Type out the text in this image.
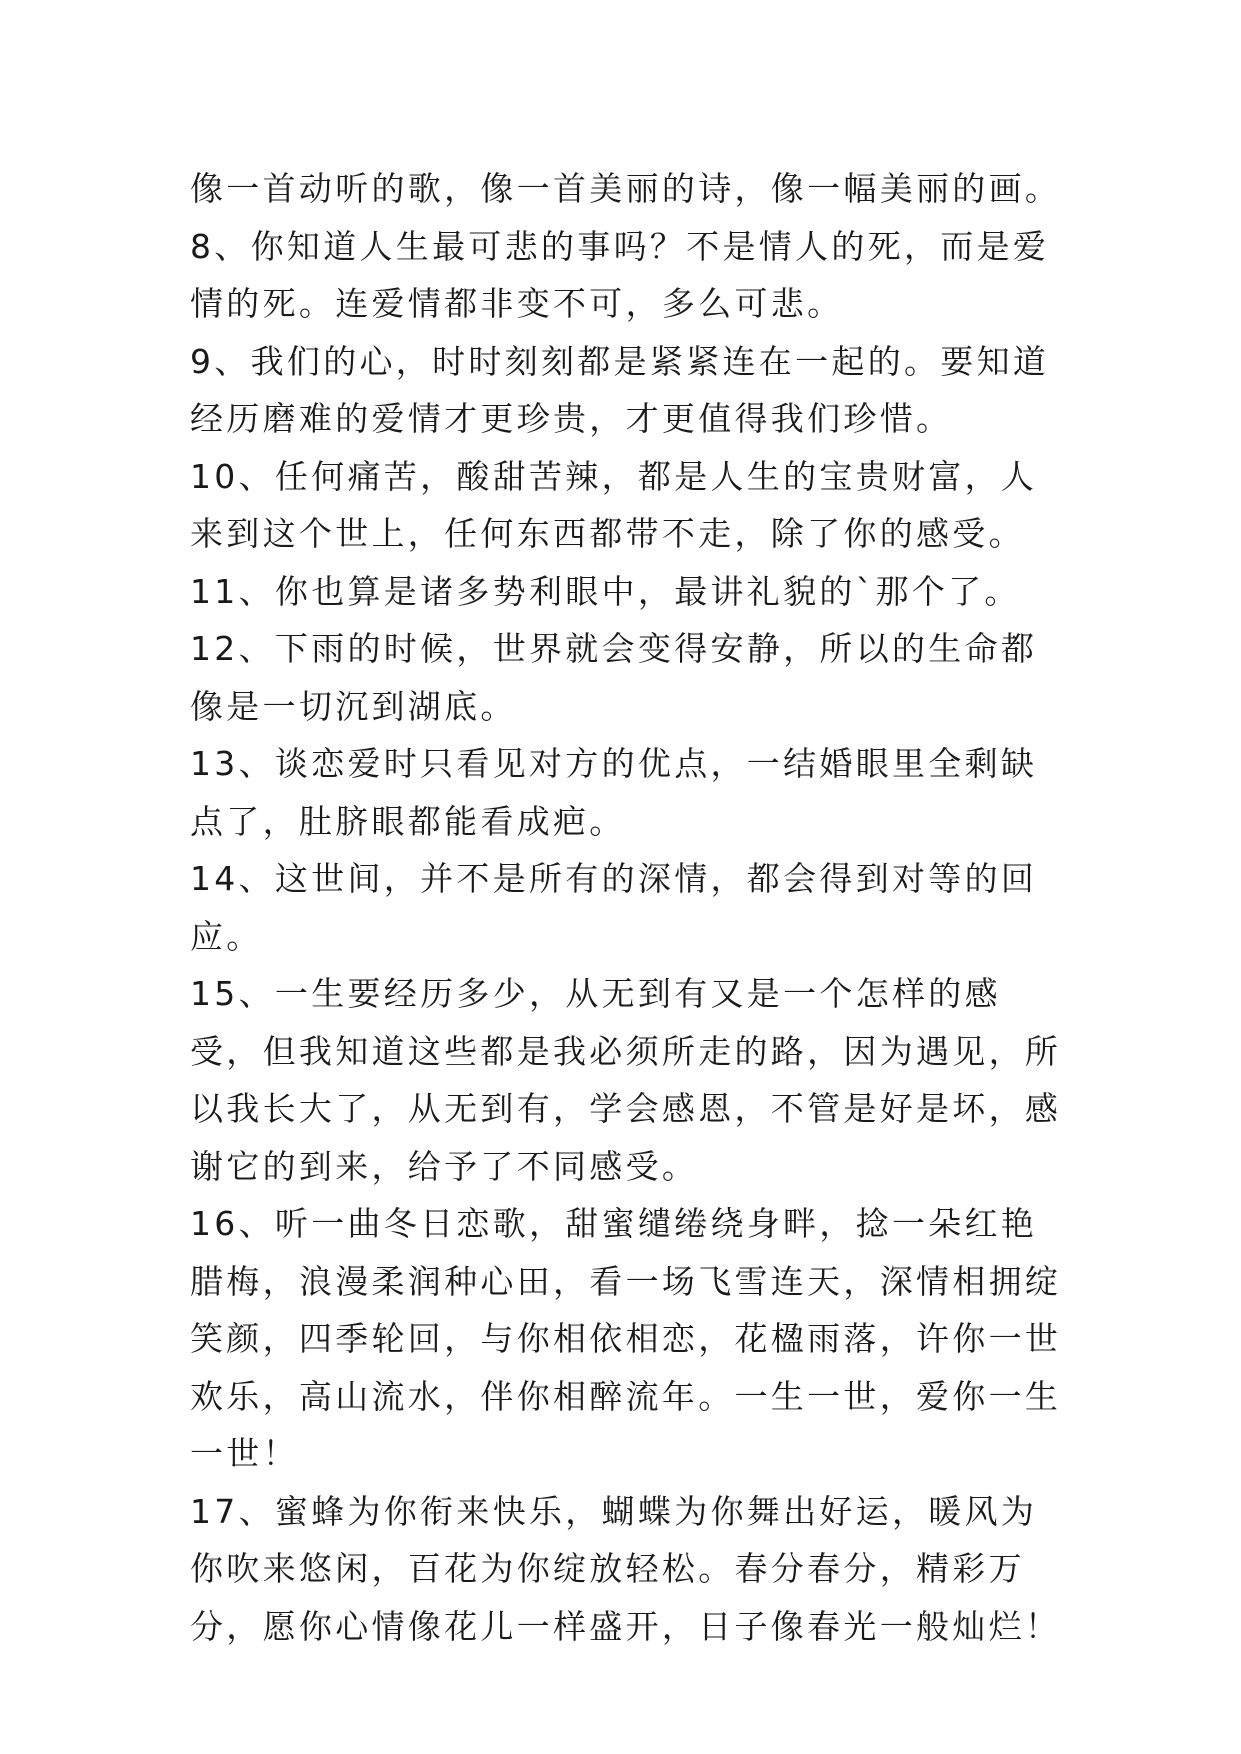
像一首动听的歌，像一首美丽的诗，像一幅美丽的画。

8、你知道人生最可悲的事吗？不是情人的死，而是爱情的死。连爱情都非变不可，多么可悲。

9、我们的心，时时刻刻都是紧紧连在一起的。要知道经历磨难的爱情才更珍贵，才更值得我们珍惜。

10、任何痛苦，酸甜苦辣，都是人生的宝贵财富，人来到这个世上，任何东西都带不走，除了你的感受。

11、你也算是诸多势利眼中，最讲礼貌的`那个了。

12、下雨的时候，世界就会变得安静，所以的生命都像是一切沉到湖底。

13、谈恋爱时只看见对方的优点，一结婚眼里全剩缺点了，肚脐眼都能看成疤。

14、这世间，并不是所有的深情，都会得到对等的回应。

15、一生要经历多少，从无到有又是一个怎样的感受，但我知道这些都是我必须所走的路，因为遇见，所以我长大了，从无到有，学会感恩，不管是好是坏，感谢它的到来，给予了不同感受。

16、听一曲冬日恋歌，甜蜜缱绻绕身畔，捻一朵红艳腊梅，浪漫柔润种心田，看一场飞雪连天，深情相拥绽笑颜，四季轮回，与你相依相恋，花楹雨落，许你一世欢乐，高山流水，伴你相醉流年。一生一世，爱你一生一世！

17、蜜蜂为你衔来快乐，蝴蝶为你舞出好运，暖风为你吹来悠闲，百花为你绽放轻松。春分春分，精彩万分，愿你心情像花儿一样盛开，日子像春光一般灿烂！
